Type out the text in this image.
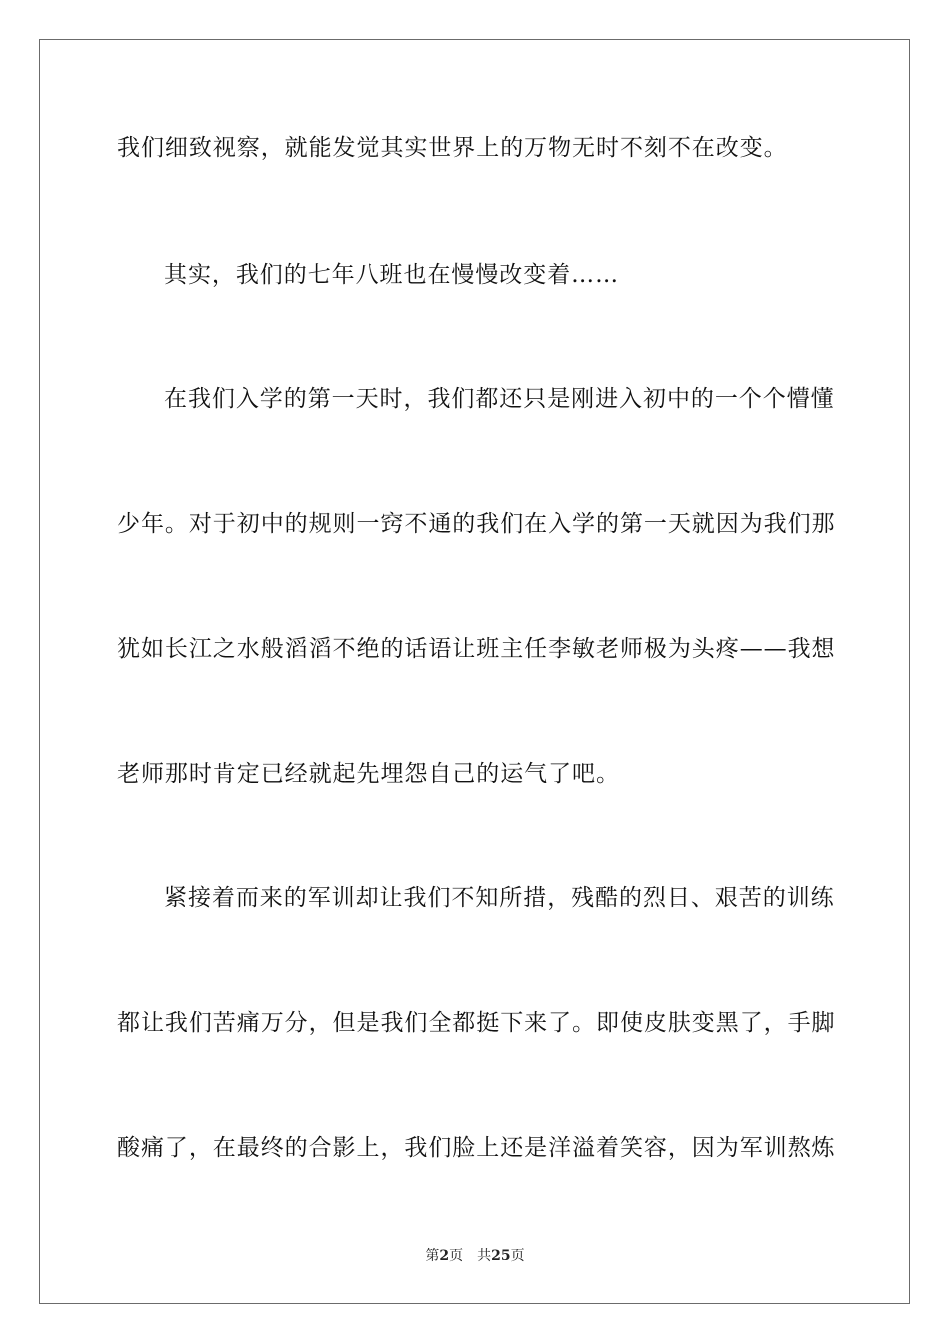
我们细致视察，就能发觉其实世界上的万物无时不刻不在改变。
其实，我们的七年八班也在慢慢改变着……
在我们入学的第一天时，我们都还只是刚进入初中的一个个懵懂
少年。对于初中的规则一窍不通的我们在入学的第一天就因为我们那
犹如长江之水般滔滔不绝的话语让班主任李敏老师极为头疼——我想
老师那时肯定已经就起先埋怨自己的运气了吧。
紧接着而来的军训却让我们不知所措，残酷的烈日、艰苦的训练
都让我们苦痛万分，但是我们全都挺下来了。即使皮肤变黑了，手脚
酸痛了，在最终的合影上，我们脸上还是洋溢着笑容，因为军训熬炼
第2页 共25页
